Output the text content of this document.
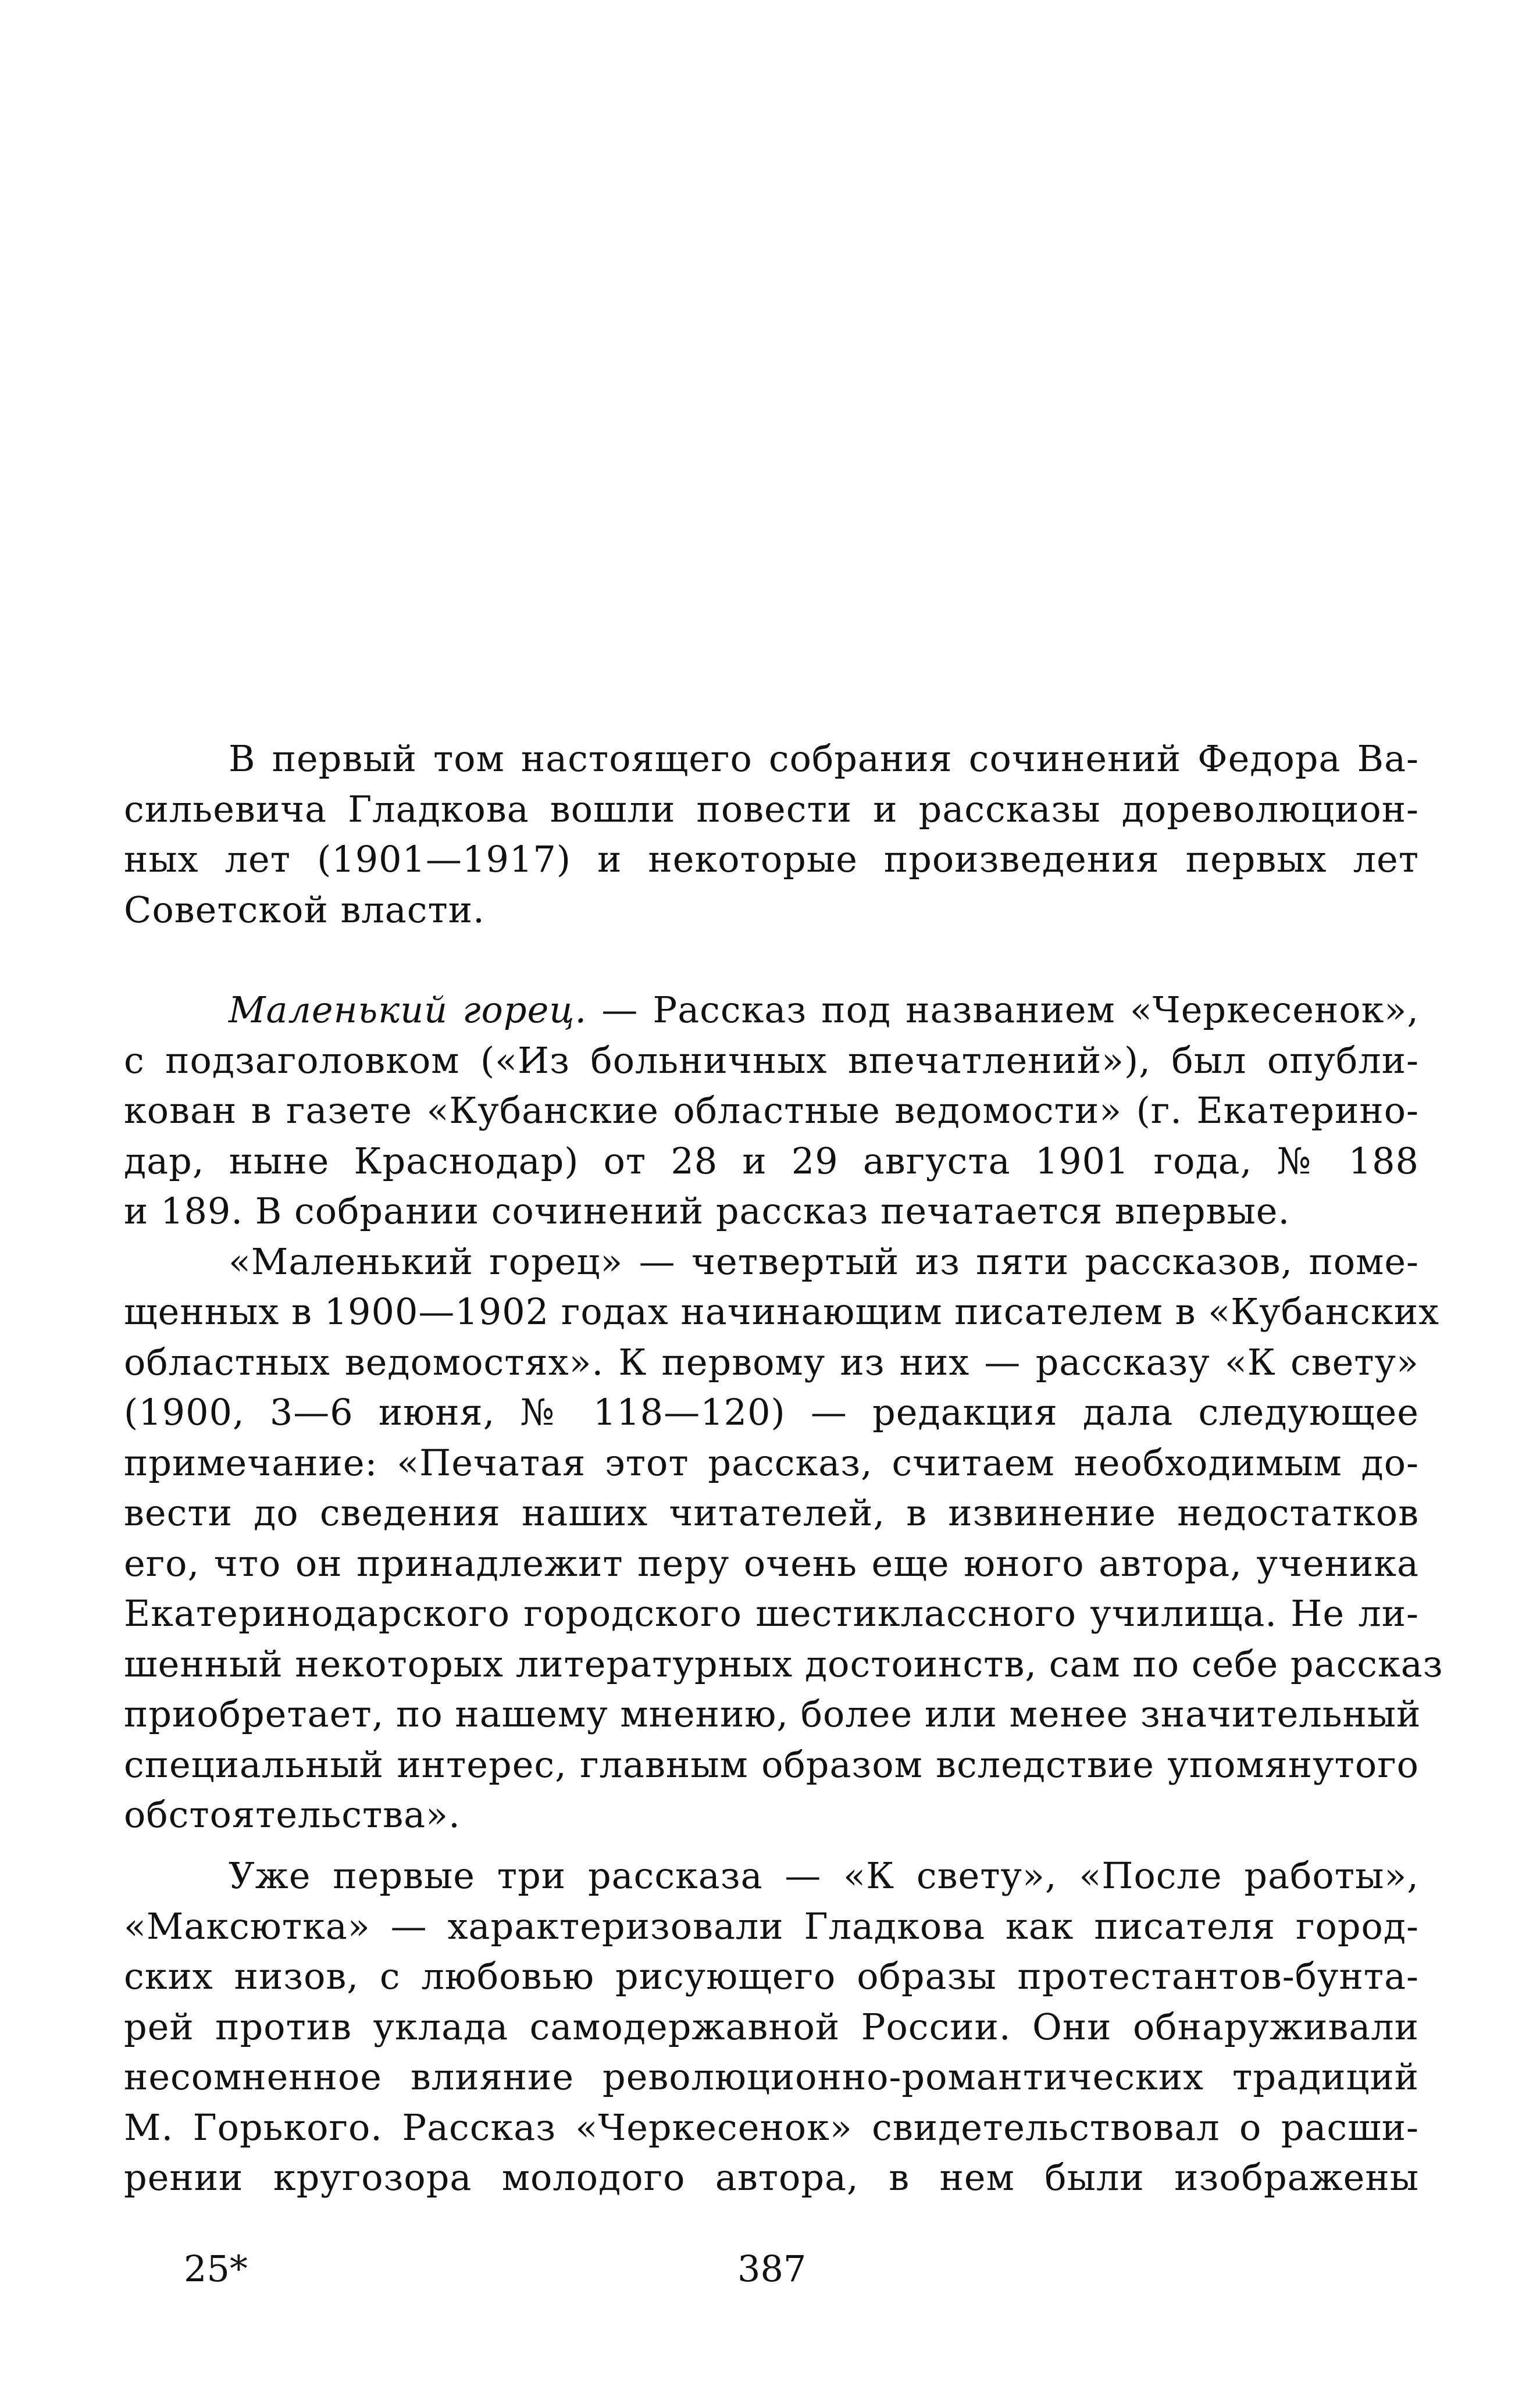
В первый том настоящего собрания сочинений Федора Ва-
сильевича Гладкова вошли повести и рассказы дореволюцион-
ных лет (1901—1917) и некоторые произведения первых лет
Советской власти.
Маленький горец. — Рассказ под названием «Черкесенок»,
с подзаголовком («Из больничных впечатлений»), был опубли-
кован в газете «Кубанские областные ведомости» (г. Екатерино-
дар, ныне Краснодар) от 28 и 29 августа 1901 года, № 188
и 189. В собрании сочинений рассказ печатается впервые.
«Маленький горец» — четвертый из пяти рассказов, поме-
щенных в 1900—1902 годах начинающим писателем в «Кубанских
областных ведомостях». К первому из них — рассказу «К свету»
(1900, 3—6 июня, № 118—120) — редакция дала следующее
примечание: «Печатая этот рассказ, считаем необходимым до-
вести до сведения наших читателей, в извинение недостатков
его, что он принадлежит перу очень еще юного автора, ученика
Екатеринодарского городского шестиклассного училища. Не ли-
шенный некоторых литературных достоинств, сам по себе рассказ
приобретает, по нашему мнению, более или менее значительный
специальный интерес, главным образом вследствие упомянутого
обстоятельства».
Уже первые три рассказа — «К свету», «После работы»,
«Максютка» — характеризовали Гладкова как писателя город-
ских низов, с любовью рисующего образы протестантов-бунта-
рей против уклада самодержавной России. Они обнаруживали
несомненное влияние революционно-романтических традиций
М. Горького. Рассказ «Черкесенок» свидетельствовал о расши-
рении кругозора молодого автора, в нем были изображены
25*	387
